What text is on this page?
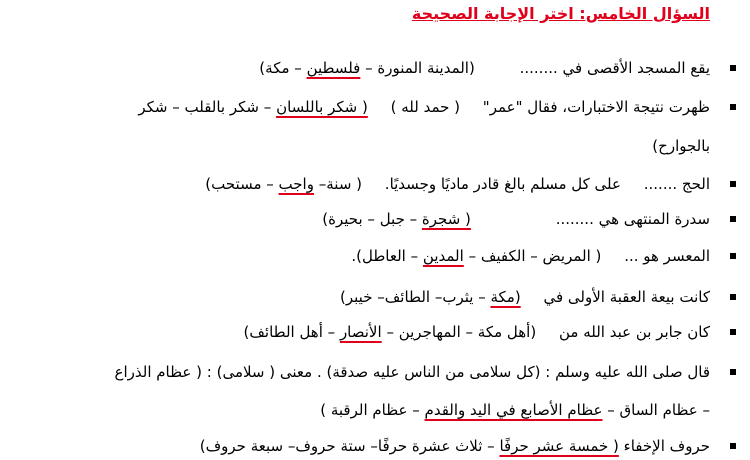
السؤال الخامس: اختر الإجابة الصحيحة
يقع المسجد الأقصى في ........ (المدينة المنورة – فلسطين – مكة)
ظهرت نتيجة الاختبارات، فقال "عمر" ( حمد لله ) ( شكر باللسان – شكر بالقلب – شكر
بالجوارح)
الحج ....... على كل مسلم بالغ قادر ماديًا وجسديًا. ( سنة– واجب – مستحب)
سدرة المنتهى هي ........ ( شجرة – جبل – بحيرة)
المعسر هو ... ( المريض – الكفيف – المدين – العاطل).
كانت بيعة العقبة الأولى في (مكة – يثرب– الطائف– خيبر)
كان جابر بن عبد الله من (أهل مكة – المهاجرين – الأنصار – أهل الطائف)
قال صلى الله عليه وسلم : (كل سلامى من الناس عليه صدقة) . معنى ( سلامى) : ( عظام الذراع
– عظام الساق – عظام الأصابع في اليد والقدم – عظام الرقبة )
حروف الإخفاء ( خمسة عشر حرفًا – ثلاث عشرة حرفًا– ستة حروف– سبعة حروف)
